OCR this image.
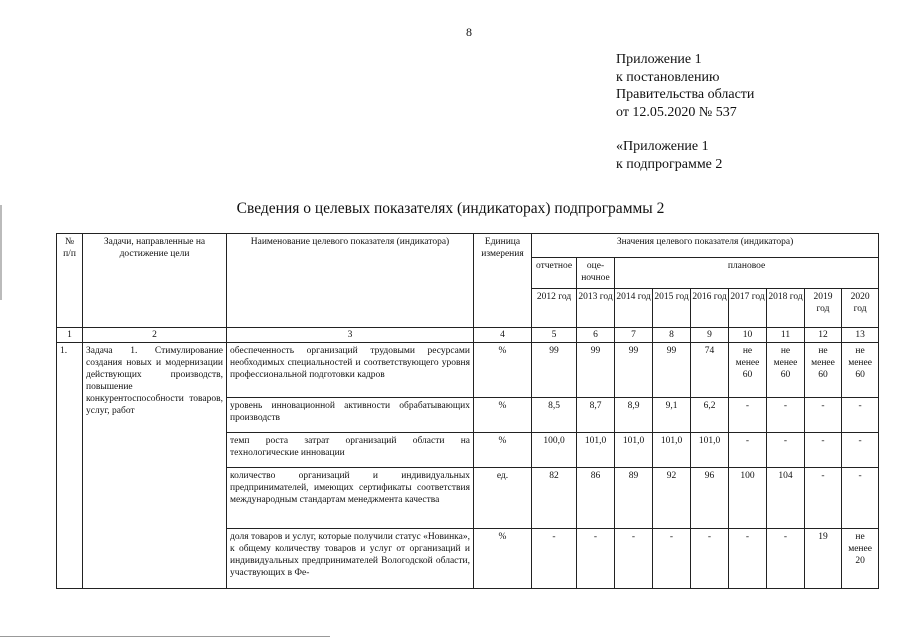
8
Приложение 1
к постановлению
Правительства области
от 12.05.2020 № 537
«Приложение 1
к подпрограмме 2
Сведения о целевых показателях (индикаторах) подпрограммы 2
№ п/п	Задачи, направленные на достижение цели	Наименование целевого показателя (индикатора)	Единица измерения	Значения целевого показателя (индикатора)								
				отчетное	оце-ночное	плановое						
				2012 год	2013 год	2014 год	2015 год	2016 год	2017 год	2018 год	2019 год	2020 год
1	2	3	4	5	6	7	8	9	10	11	12	13
1.	Задача 1. Стимулирование создания новых и модернизации действующих производств, повышение конкурентоспособности товаров, услуг, работ	обеспеченность организаций трудовыми ресурсами необходимых специальностей и соответствующего уровня профессиональной подготовки кадров	%	99	99	99	99	74	не менее 60	не менее 60	не менее 60	не менее 60
		уровень инновационной активности обрабатывающих производств	%	8,5	8,7	8,9	9,1	6,2	-	-	-	-
		темп роста затрат организаций области на технологические инновации	%	100,0	101,0	101,0	101,0	101,0	-	-	-	-
		количество организаций и индивидуальных предпринимателей, имеющих сертификаты соответствия международным стандартам менеджмента качества	ед.	82	86	89	92	96	100	104	-	-
		доля товаров и услуг, которые получили статус «Новинка», к общему количеству товаров и услуг от организаций и индивидуальных предпринимателей Вологодской области, участвующих в Фе-	%	-	-	-	-	-	-	-	19	не менее 20
